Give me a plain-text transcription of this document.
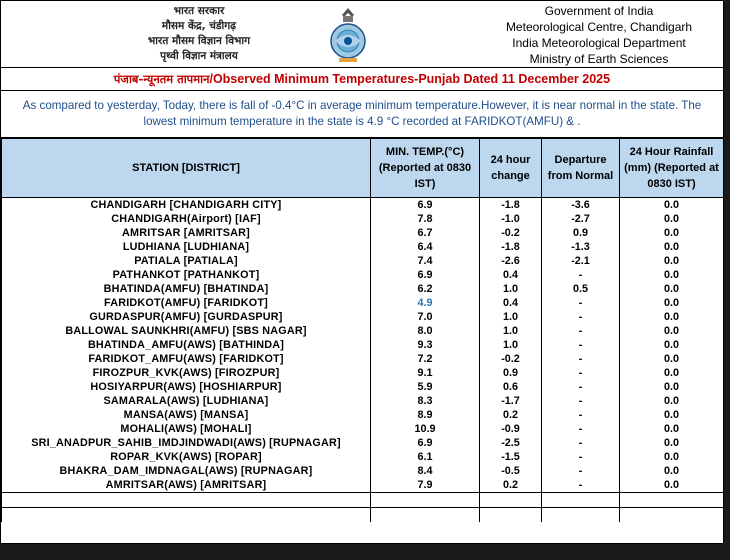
भारत सरकार
मौसम केंद्र, चंडीगढ़
भारत मौसम विज्ञान विभाग
पृथ्वी विज्ञान मंत्रालय
Government of India
Meteorological Centre, Chandigarh
India Meteorological Department
Ministry of Earth Sciences
पंजाब-न्यूनतम तापमान/Observed Minimum Temperatures-Punjab Dated 11 December 2025
As compared to yesterday, Today, there is fall of -0.4°C in average minimum temperature.However, it is near normal in the state. The lowest minimum temperature in the state is 4.9 °C recorded at FARIDKOT(AMFU) & .
STATION [DISTRICT]	MIN. TEMP.(°C) (Reported at 0830 IST)	24 hour change	Departure from Normal	24 Hour Rainfall (mm) (Reported at 0830 IST)
CHANDIGARH [CHANDIGARH CITY]	6.9	-1.8	-3.6	0.0
CHANDIGARH(Airport) [IAF]	7.8	-1.0	-2.7	0.0
AMRITSAR [AMRITSAR]	6.7	-0.2	0.9	0.0
LUDHIANA [LUDHIANA]	6.4	-1.8	-1.3	0.0
PATIALA [PATIALA]	7.4	-2.6	-2.1	0.0
PATHANKOT [PATHANKOT]	6.9	0.4	-	0.0
BHATINDA(AMFU) [BHATINDA]	6.2	1.0	0.5	0.0
FARIDKOT(AMFU) [FARIDKOT]	4.9	0.4	-	0.0
GURDASPUR(AMFU) [GURDASPUR]	7.0	1.0	-	0.0
BALLOWAL SAUNKHRI(AMFU) [SBS NAGAR]	8.0	1.0	-	0.0
BHATINDA_AMFU(AWS) [BATHINDA]	9.3	1.0	-	0.0
FARIDKOT_AMFU(AWS) [FARIDKOT]	7.2	-0.2	-	0.0
FIROZPUR_KVK(AWS) [FIROZPUR]	9.1	0.9	-	0.0
HOSIYARPUR(AWS) [HOSHIARPUR]	5.9	0.6	-	0.0
SAMARALA(AWS) [LUDHIANA]	8.3	-1.7	-	0.0
MANSA(AWS) [MANSA]	8.9	0.2	-	0.0
MOHALI(AWS) [MOHALI]	10.9	-0.9	-	0.0
SRI_ANADPUR_SAHIB_IMDJINDWADI(AWS) [RUPNAGAR]	6.9	-2.5	-	0.0
ROPAR_KVK(AWS) [ROPAR]	6.1	-1.5	-	0.0
BHAKRA_DAM_IMDNAGAL(AWS) [RUPNAGAR]	8.4	-0.5	-	0.0
AMRITSAR(AWS) [AMRITSAR]	7.9	0.2	-	0.0
